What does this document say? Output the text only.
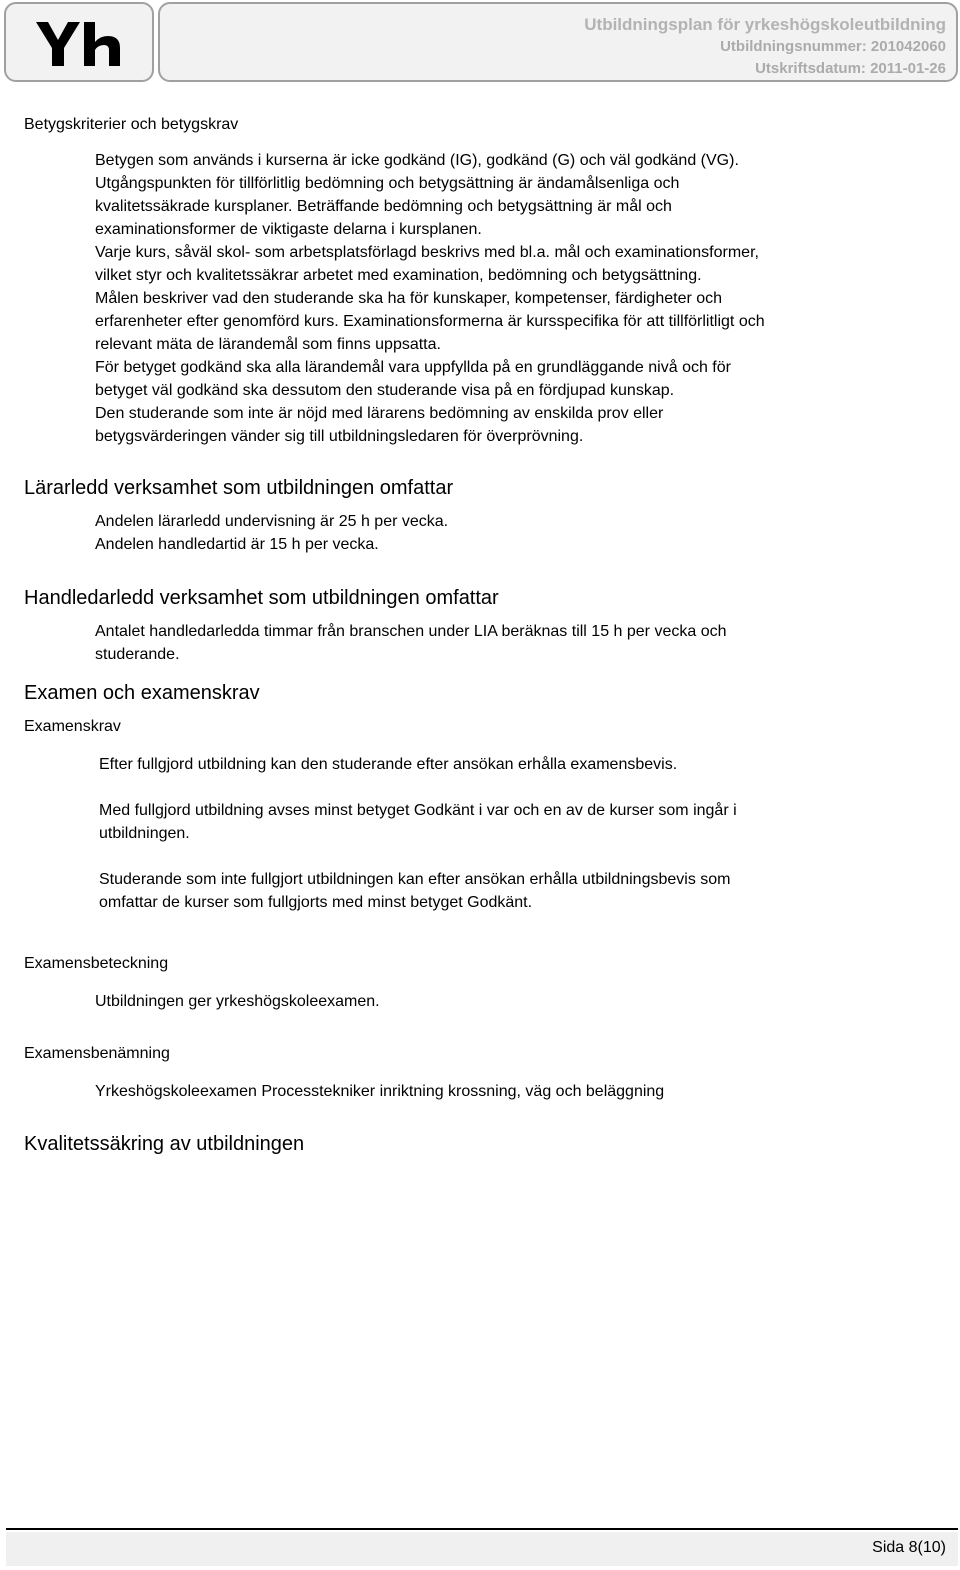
Utbildningsplan för yrkeshögskoleutbildning
Utbildningsnummer: 201042060
Utskriftsdatum: 2011-01-26
Betygskriterier och betygskrav
Betygen som används i kurserna är icke godkänd (IG), godkänd (G) och väl godkänd (VG).
Utgångspunkten för tillförlitlig bedömning och betygsättning är ändamålsenliga och
kvalitetssäkrade kursplaner. Beträffande bedömning och betygsättning är mål och
examinationsformer de viktigaste delarna i kursplanen.
Varje kurs, såväl skol- som arbetsplatsförlagd beskrivs med bl.a. mål och examinationsformer,
vilket styr och kvalitetssäkrar arbetet med examination, bedömning och betygsättning.
Målen beskriver vad den studerande ska ha för kunskaper, kompetenser, färdigheter och
erfarenheter efter genomförd kurs. Examinationsformerna är kursspecifika för att tillförlitligt och
relevant mäta de lärandemål som finns uppsatta.
För betyget godkänd ska alla lärandemål vara uppfyllda på en grundläggande nivå och för
betyget väl godkänd ska dessutom den studerande visa på en fördjupad kunskap.
Den studerande som inte är nöjd med lärarens bedömning av enskilda prov eller
betygsvärderingen vänder sig till utbildningsledaren för överprövning.
Lärarledd verksamhet som utbildningen omfattar
Andelen lärarledd undervisning är 25 h per vecka.
Andelen handledartid är 15 h per vecka.
Handledarledd verksamhet som utbildningen omfattar
Antalet handledarledda timmar från branschen under LIA beräknas till 15 h per vecka och
studerande.
Examen och examenskrav
Examenskrav
Efter fullgjord utbildning kan den studerande efter ansökan erhålla examensbevis.
Med fullgjord utbildning avses minst betyget Godkänt i var och en av de kurser som ingår i
utbildningen.
Studerande som inte fullgjort utbildningen kan efter ansökan erhålla utbildningsbevis som
omfattar de kurser som fullgjorts med minst betyget Godkänt.
Examensbeteckning
Utbildningen ger yrkeshögskoleexamen.
Examensbenämning
Yrkeshögskoleexamen Processtekniker inriktning krossning, väg och beläggning
Kvalitetssäkring av utbildningen
Sida 8(10)
